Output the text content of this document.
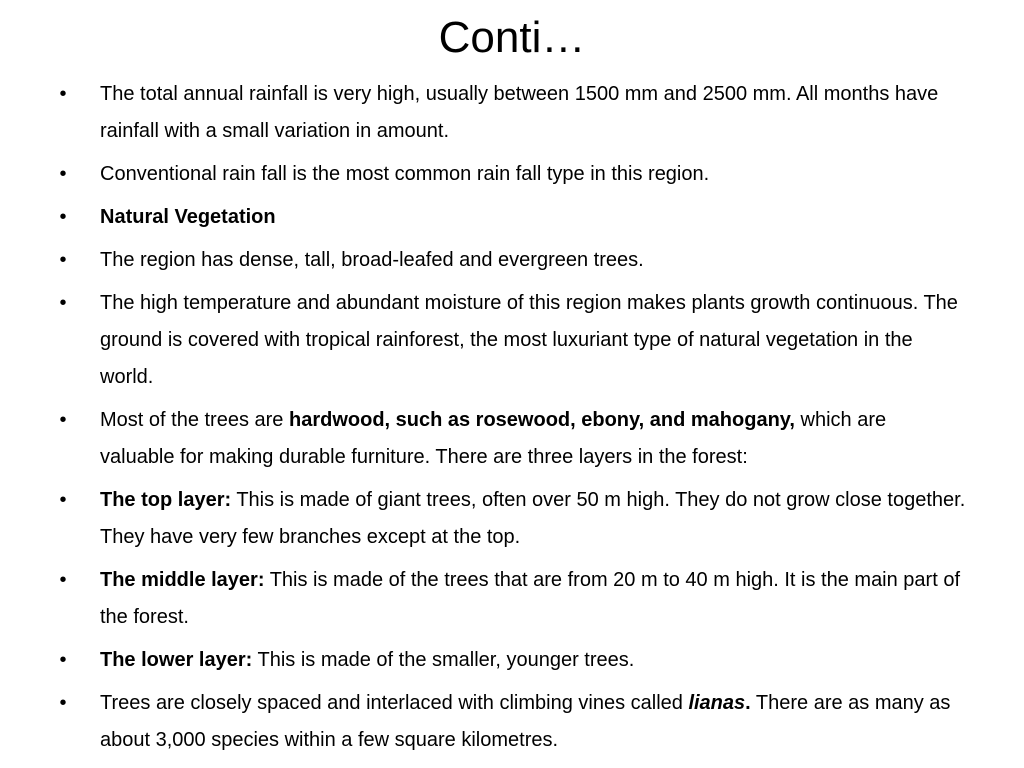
Conti…
• The total annual rainfall is very high, usually between 1500 mm and 2500 mm. All months have rainfall with a small variation in amount.
• Conventional rain fall is the most common rain fall type in this region.
• Natural Vegetation
• The region has dense, tall, broad-leafed and evergreen trees.
• The high temperature and abundant moisture of this region makes plants growth continuous. The ground is covered with tropical rainforest, the most luxuriant type of natural vegetation in the world.
• Most of the trees are hardwood, such as rosewood, ebony, and mahogany, which are valuable for making durable furniture. There are three layers in the forest:
• The top layer: This is made of giant trees, often over 50 m high. They do not grow close together. They have very few branches except at the top.
• The middle layer: This is made of the trees that are from 20 m to 40 m high. It is the main part of the forest.
• The lower layer: This is made of the smaller, younger trees.
• Trees are closely spaced and interlaced with climbing vines called lianas. There are as many as about 3,000 species within a few square kilometres.
